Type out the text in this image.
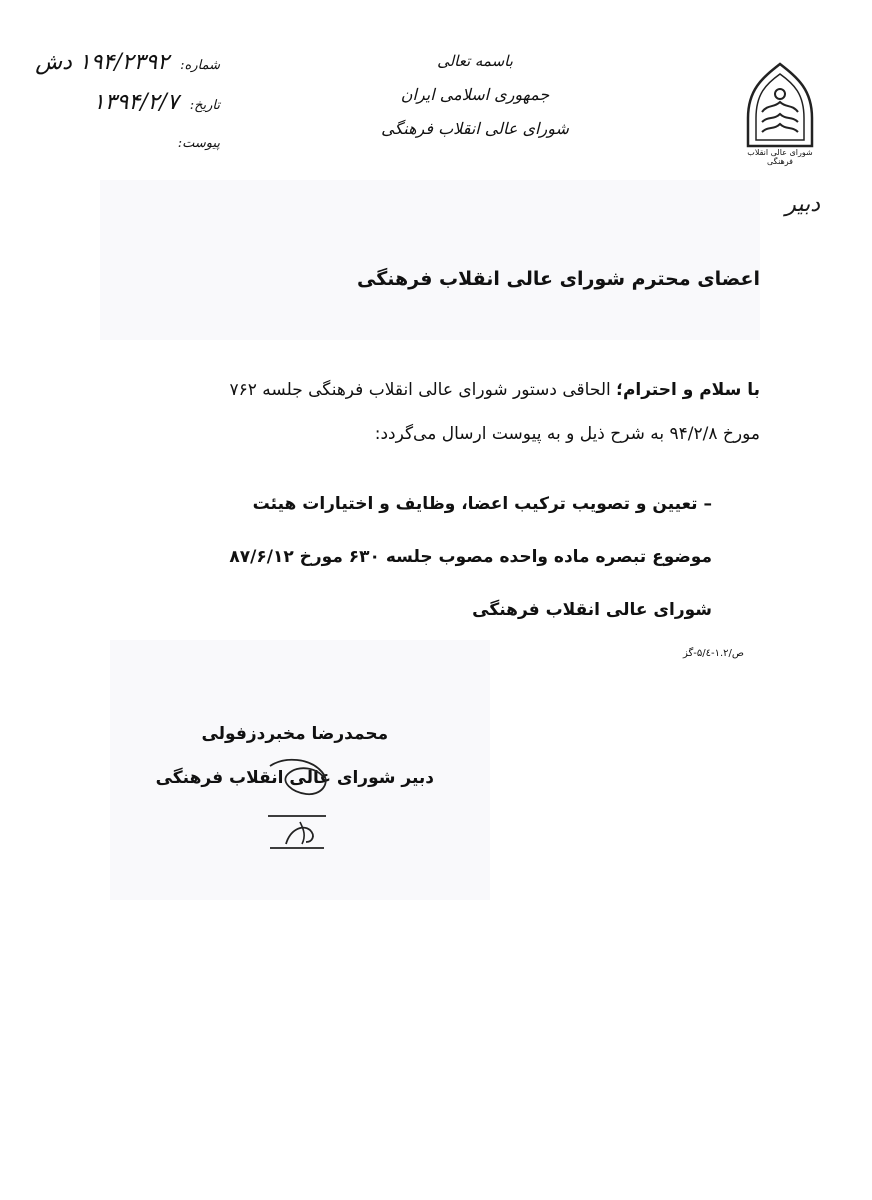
شماره: ۱۹۴/۲۳۹۲ دش
تاریخ: ۱۳۹۴/۲/۷
پیوست:
باسمه تعالی
جمهوری اسلامی ایران
شورای عالی انقلاب فرهنگی
شورای عالی انقلاب فرهنگی
دبیر
اعضای محترم شورای عالی انقلاب فرهنگی
با سلام و احترام؛ الحاقی دستور شورای عالی انقلاب فرهنگی جلسه ۷۶۲
مورخ ۹۴/۲/۸ به شرح ذیل و به پیوست ارسال می‌گردد:
– تعیین و تصویب ترکیب اعضا، وظایف و اختیارات هیئت
موضوع تبصره ماده واحده مصوب جلسه ۶۳۰ مورخ ۸۷/۶/۱۲
شورای عالی انقلاب فرهنگی
ص/۱.۲-۵/٤-گز
محمدرضا مخبردزفولی
دبیر شورای عالی انقلاب فرهنگی
